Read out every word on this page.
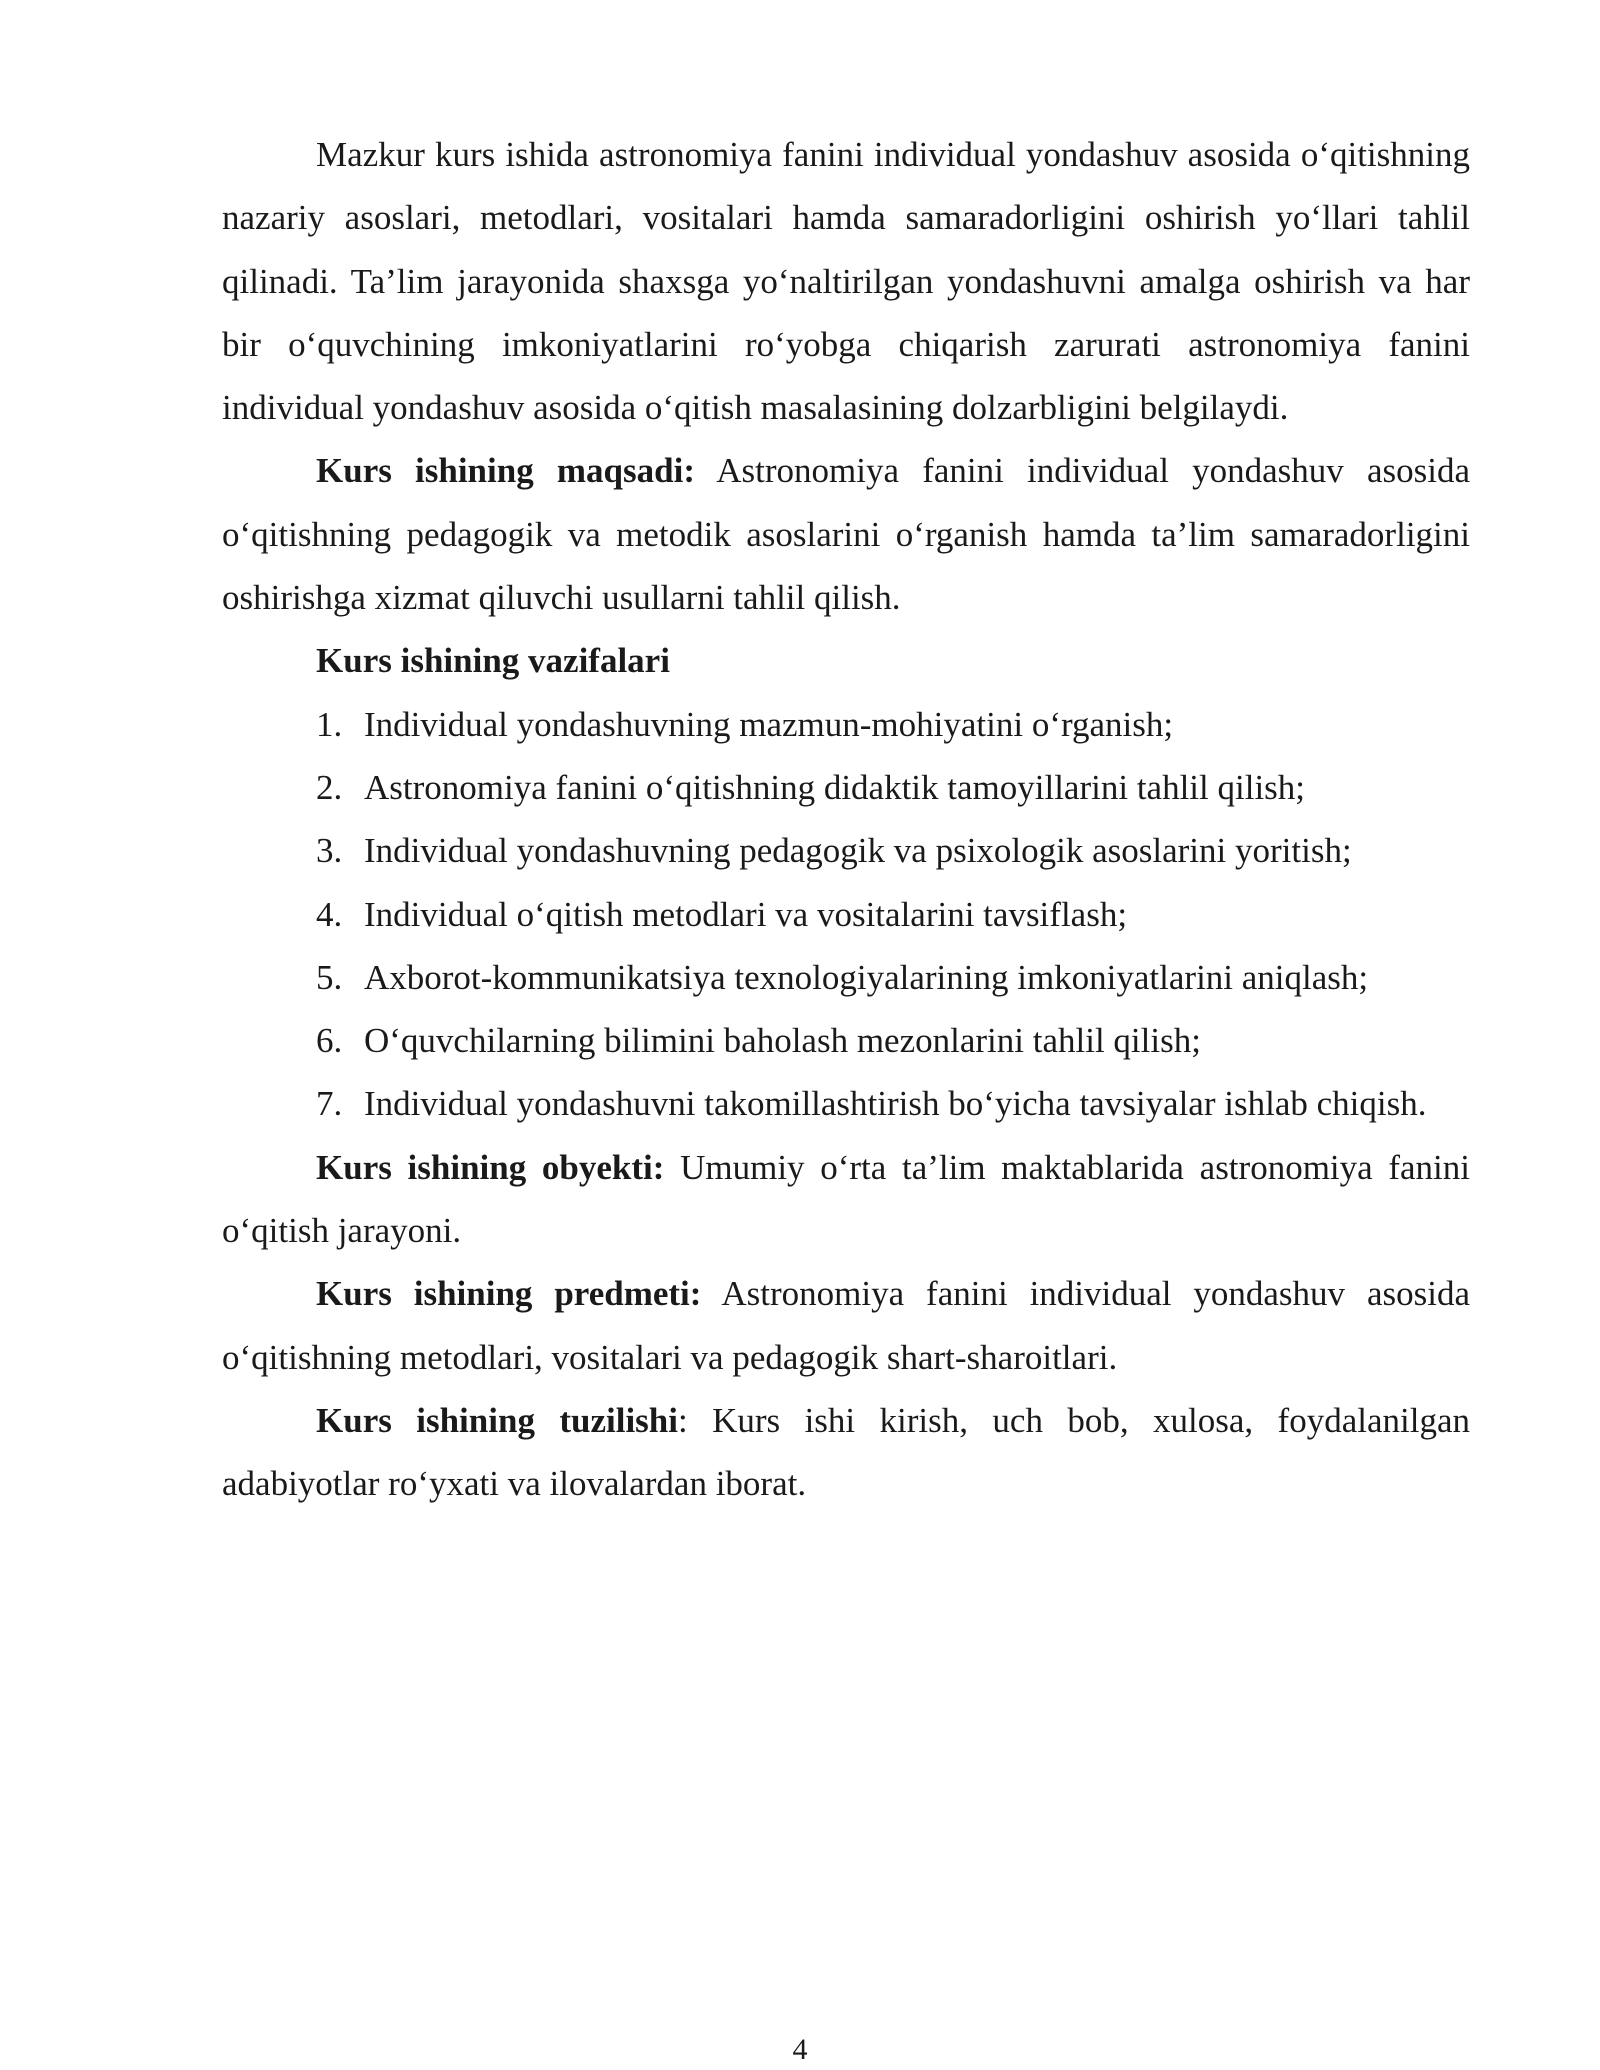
Mazkur kurs ishida astronomiya fanini individual yondashuv asosida o‘qitishning nazariy asoslari, metodlari, vositalari hamda samaradorligini oshirish yo‘llari tahlil qilinadi. Ta’lim jarayonida shaxsga yo‘naltirilgan yondashuvni amalga oshirish va har bir o‘quvchining imkoniyatlarini ro‘yobga chiqarish zarurati astronomiya fanini individual yondashuv asosida o‘qitish masalasining dolzarbligini belgilaydi.

Kurs ishining maqsadi: Astronomiya fanini individual yondashuv asosida o‘qitishning pedagogik va metodik asoslarini o‘rganish hamda ta’lim samaradorligini oshirishga xizmat qiluvchi usullarni tahlil qilish.

Kurs ishining vazifalari

1. Individual yondashuvning mazmun-mohiyatini o‘rganish;
2. Astronomiya fanini o‘qitishning didaktik tamoyillarini tahlil qilish;
3. Individual yondashuvning pedagogik va psixologik asoslarini yoritish;
4. Individual o‘qitish metodlari va vositalarini tavsiflash;
5. Axborot-kommunikatsiya texnologiyalarining imkoniyatlarini aniqlash;
6. O‘quvchilarning bilimini baholash mezonlarini tahlil qilish;
7. Individual yondashuvni takomillashtirish bo‘yicha tavsiyalar ishlab chiqish.

Kurs ishining obyekti: Umumiy o‘rta ta’lim maktablarida astronomiya fanini o‘qitish jarayoni.

Kurs ishining predmeti: Astronomiya fanini individual yondashuv asosida o‘qitishning metodlari, vositalari va pedagogik shart-sharoitlari.

Kurs ishining tuzilishi: Kurs ishi kirish, uch bob, xulosa, foydalanilgan adabiyotlar ro‘yxati va ilovalardan iborat.

4
